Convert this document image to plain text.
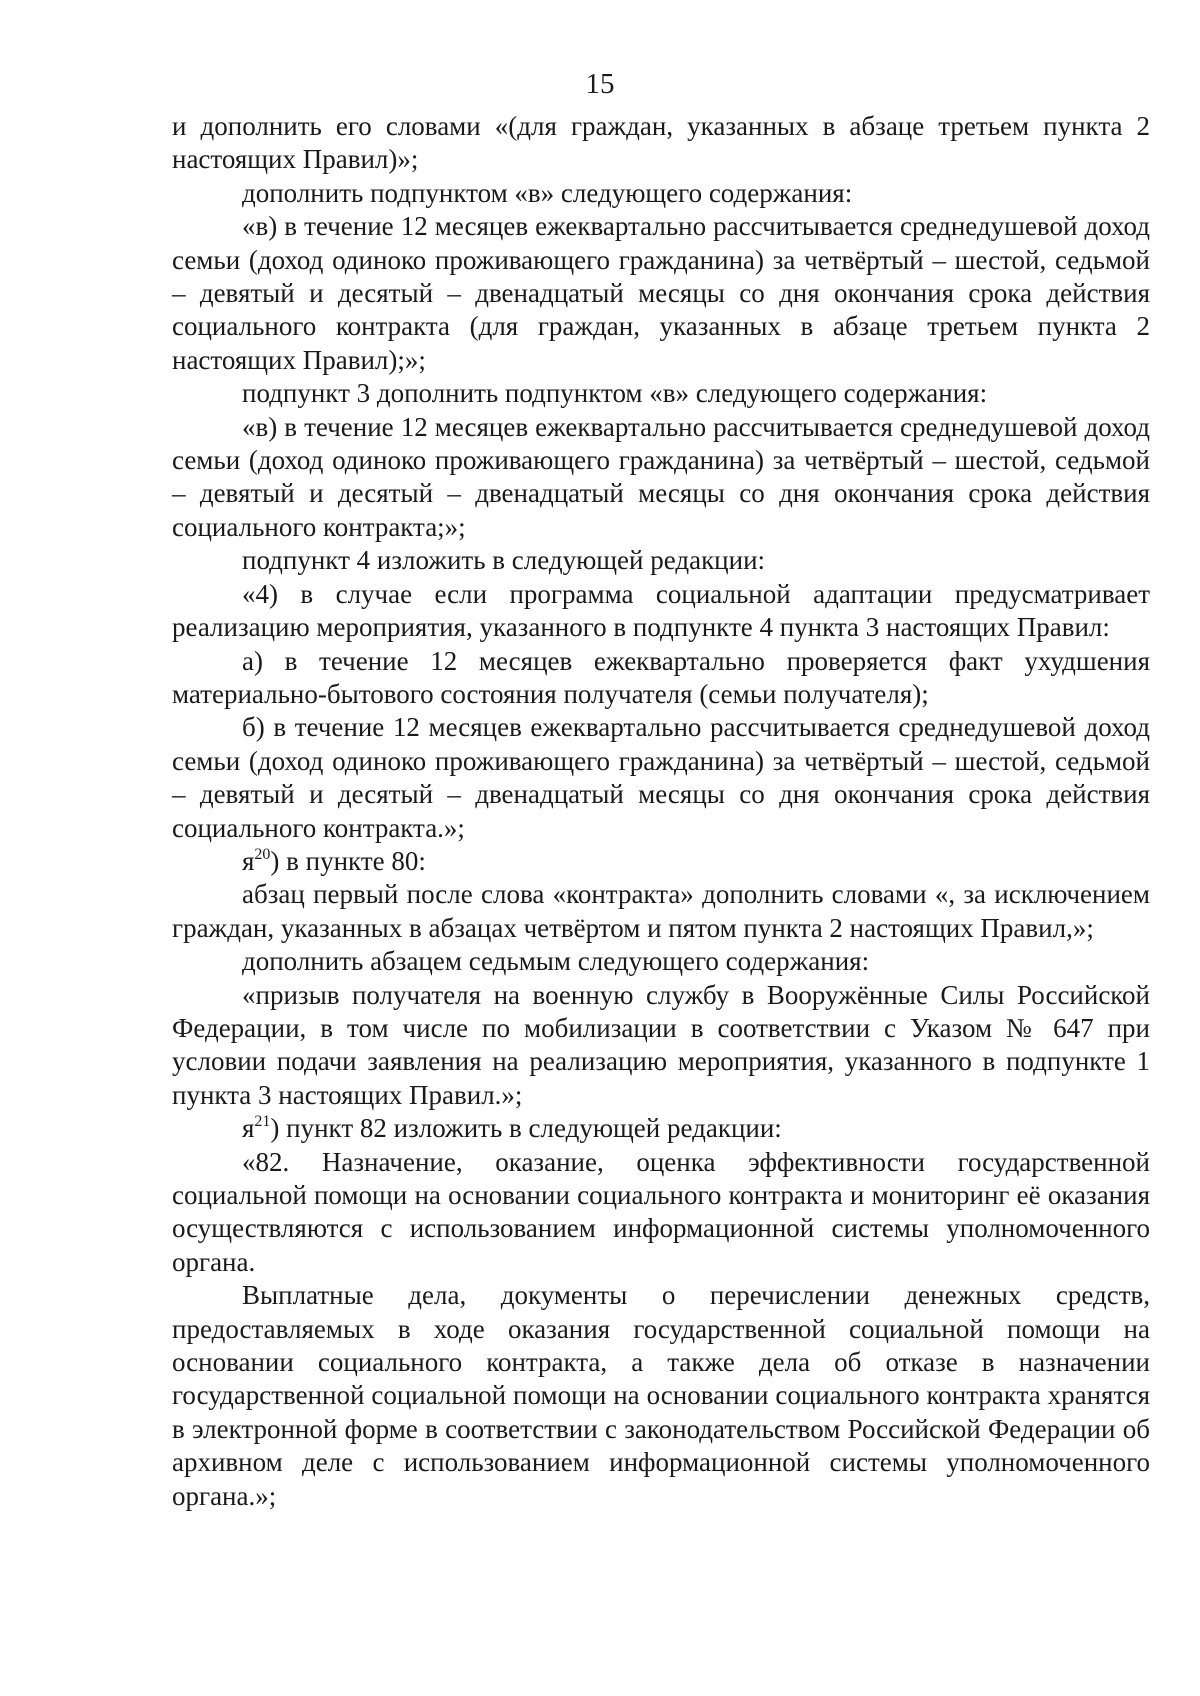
15

и дополнить его словами «(для граждан, указанных в абзаце третьем пункта 2 настоящих Правил)»;

дополнить подпунктом «в» следующего содержания:

«в) в течение 12 месяцев ежеквартально рассчитывается среднедушевой доход семьи (доход одиноко проживающего гражданина) за четвёртый – шестой, седьмой – девятый и десятый – двенадцатый месяцы со дня окончания срока действия социального контракта (для граждан, указанных в абзаце третьем пункта 2 настоящих Правил);»;

подпункт 3 дополнить подпунктом «в» следующего содержания:

«в) в течение 12 месяцев ежеквартально рассчитывается среднедушевой доход семьи (доход одиноко проживающего гражданина) за четвёртый – шестой, седьмой – девятый и десятый – двенадцатый месяцы со дня окончания срока действия социального контракта;»;

подпункт 4 изложить в следующей редакции:

«4) в случае если программа социальной адаптации предусматривает реализацию мероприятия, указанного в подпункте 4 пункта 3 настоящих Правил:

а) в течение 12 месяцев ежеквартально проверяется факт ухудшения материально-бытового состояния получателя (семьи получателя);

б) в течение 12 месяцев ежеквартально рассчитывается среднедушевой доход семьи (доход одиноко проживающего гражданина) за четвёртый – шестой, седьмой – девятый и десятый – двенадцатый месяцы со дня окончания срока действия социального контракта.»;

$я^{20}$) в пункте 80:

абзац первый после слова «контракта» дополнить словами «, за исключением граждан, указанных в абзацах четвёртом и пятом пункта 2 настоящих Правил,»;

дополнить абзацем седьмым следующего содержания:

«призыв получателя на военную службу в Вооружённые Силы Российской Федерации, в том числе по мобилизации в соответствии с Указом № 647 при условии подачи заявления на реализацию мероприятия, указанного в подпункте 1 пункта 3 настоящих Правил.»;

$я^{21}$) пункт 82 изложить в следующей редакции:

«82. Назначение, оказание, оценка эффективности государственной социальной помощи на основании социального контракта и мониторинг её оказания осуществляются с использованием информационной системы уполномоченного органа.

Выплатные дела, документы о перечислении денежных средств, предоставляемых в ходе оказания государственной социальной помощи на основании социального контракта, а также дела об отказе в назначении государственной социальной помощи на основании социального контракта хранятся в электронной форме в соответствии с законодательством Российской Федерации об архивном деле с использованием информационной системы уполномоченного органа.»;
